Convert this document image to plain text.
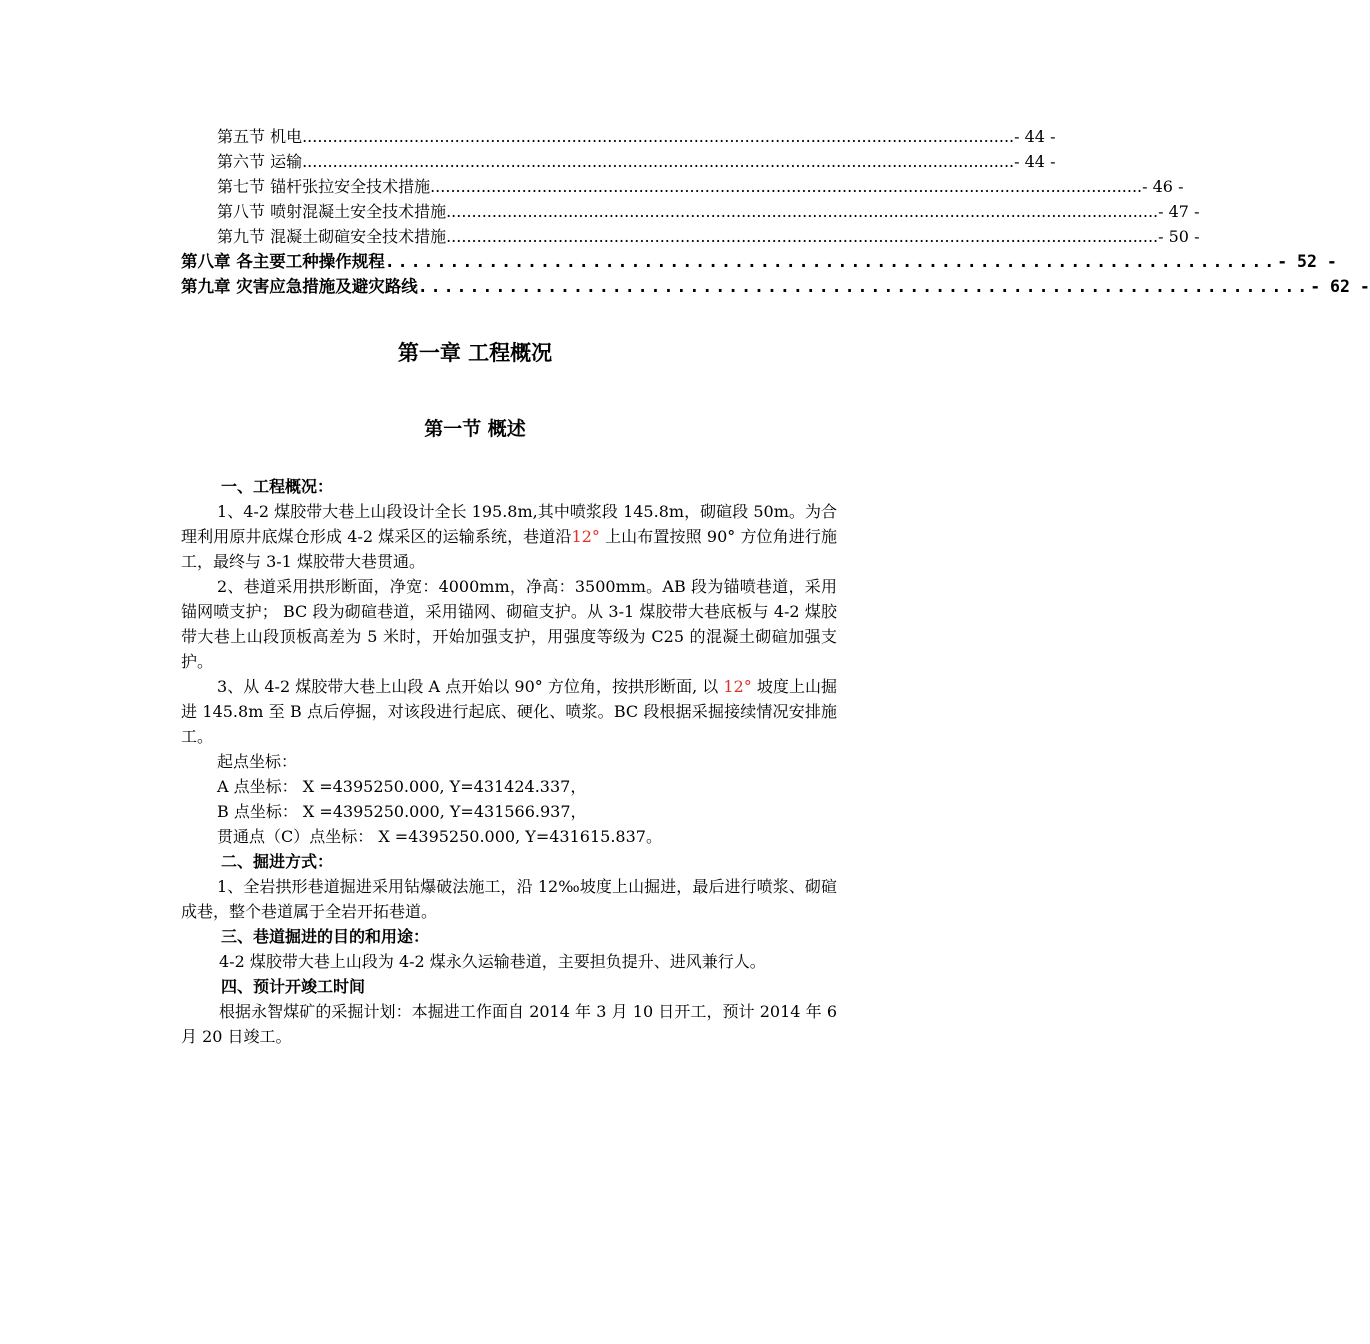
第五节 机电 ............................................................................................................................................ - 44 -
第六节 运输 ............................................................................................................................................ - 44 -
第七节 锚杆张拉安全技术措施 ............................................................................................................................................ - 46 -
第八节 喷射混凝土安全技术措施 ............................................................................................................................................ - 47 -
第九节 混凝土砌碹安全技术措施 ............................................................................................................................................ - 50 -
第八章 各主要工种操作规程 ..................................................................... - 52 -
第九章 灾害应急措施及避灾路线 ..................................................................... - 62 -
第一章 工程概况
第一节 概述

一、工程概况：

1、4-2 煤胶带大巷上山段设计全长 195.8m,其中喷浆段 145.8m，砌碹段 50m。为合理利用原井底煤仓形成 4-2 煤采区的运输系统，巷道沿12° 上山布置按照 90° 方位角进行施工，最终与 3-1 煤胶带大巷贯通。

2、巷道采用拱形断面，净宽：4000mm，净高：3500mm。AB 段为锚喷巷道，采用锚网喷支护； BC 段为砌碹巷道，采用锚网、砌碹支护。从 3-1 煤胶带大巷底板与 4-2 煤胶带大巷上山段顶板高差为 5 米时，开始加强支护，用强度等级为 C25 的混凝土砌碹加强支护。

3、从 4-2 煤胶带大巷上山段 A 点开始以 90° 方位角，按拱形断面, 以 12° 坡度上山掘进 145.8m 至 B 点后停掘，对该段进行起底、硬化、喷浆。BC 段根据采掘接续情况安排施工。

起点坐标：

A 点坐标： X =4395250.000, Y=431424.337，

B 点坐标： X =4395250.000, Y=431566.937，

贯通点（C）点坐标： X =4395250.000, Y=431615.837。

二、掘进方式：

1、全岩拱形巷道掘进采用钻爆破法施工，沿 12‰坡度上山掘进，最后进行喷浆、砌碹成巷，整个巷道属于全岩开拓巷道。

三、巷道掘进的目的和用途：

4-2 煤胶带大巷上山段为 4-2 煤永久运输巷道，主要担负提升、进风兼行人。

四、预计开竣工时间

根据永智煤矿的采掘计划：本掘进工作面自 2014 年 3 月 10 日开工，预计 2014 年 6 月 20 日竣工。
